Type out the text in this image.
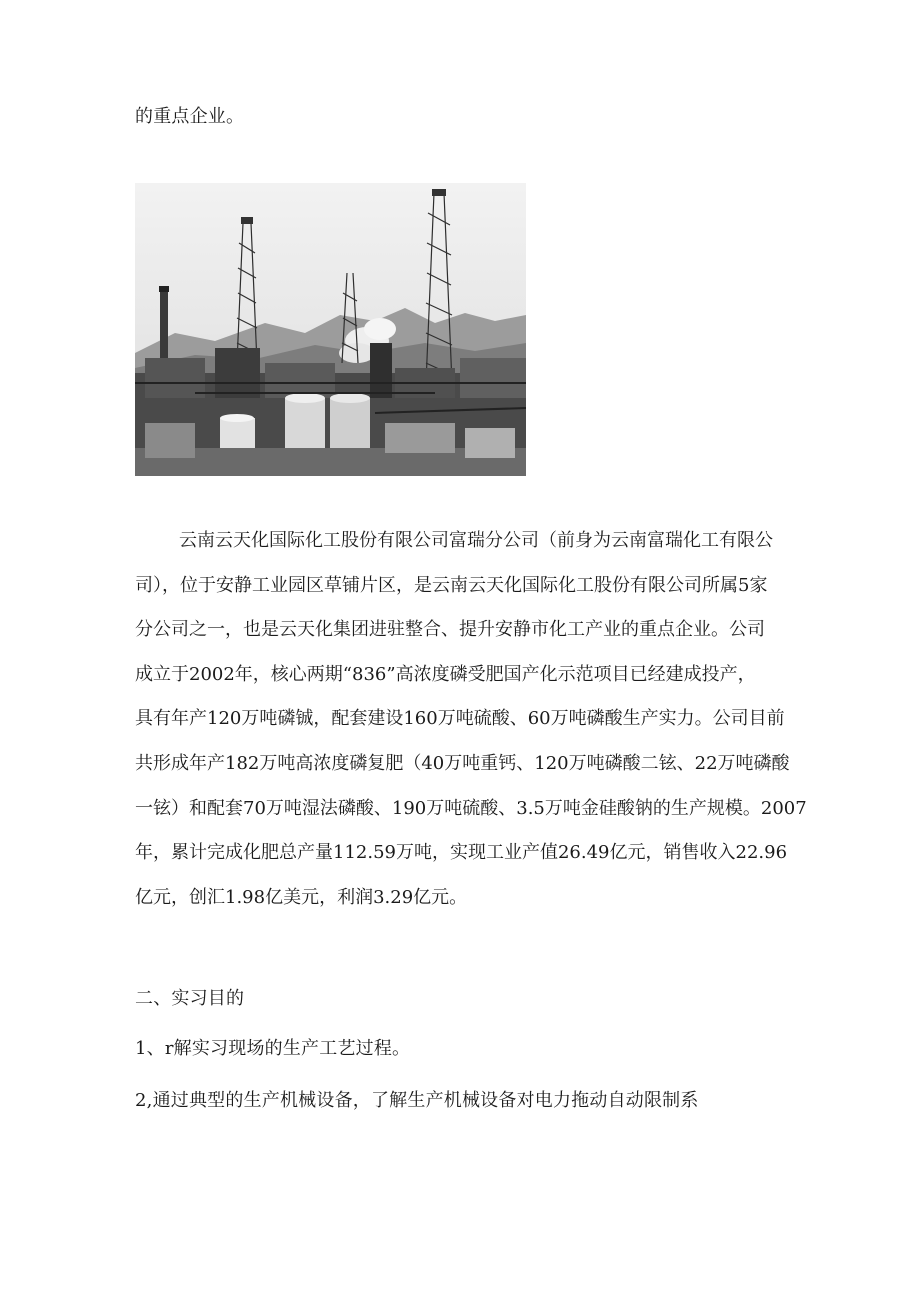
的重点企业。
云南云天化国际化工股份有限公司富瑞分公司（前身为云南富瑞化工有限公
司），位于安静工业园区草铺片区，是云南云天化国际化工股份有限公司所属5家
分公司之一，也是云天化集团进驻整合、提升安静市化工产业的重点企业。公司
成立于2002年，核心两期“836”高浓度磷受肥国产化示范项目已经建成投产，
具有年产120万吨磷铖，配套建设160万吨硫酸、60万吨磷酸生产实力。公司目前
共形成年产182万吨高浓度磷复肥（40万吨重钙、120万吨磷酸二铉、22万吨磷酸
一铉）和配套70万吨湿法磷酸、190万吨硫酸、3.5万吨金硅酸钠的生产规模。2007
年，累计完成化肥总产量112.59万吨，实现工业产值26.49亿元，销售收入22.96
亿元，创汇1.98亿美元，利润3.29亿元。
二、实习目的
1、r解实习现场的生产工艺过程。
2,通过典型的生产机械设备，了解生产机械设备对电力拖动自动限制系
